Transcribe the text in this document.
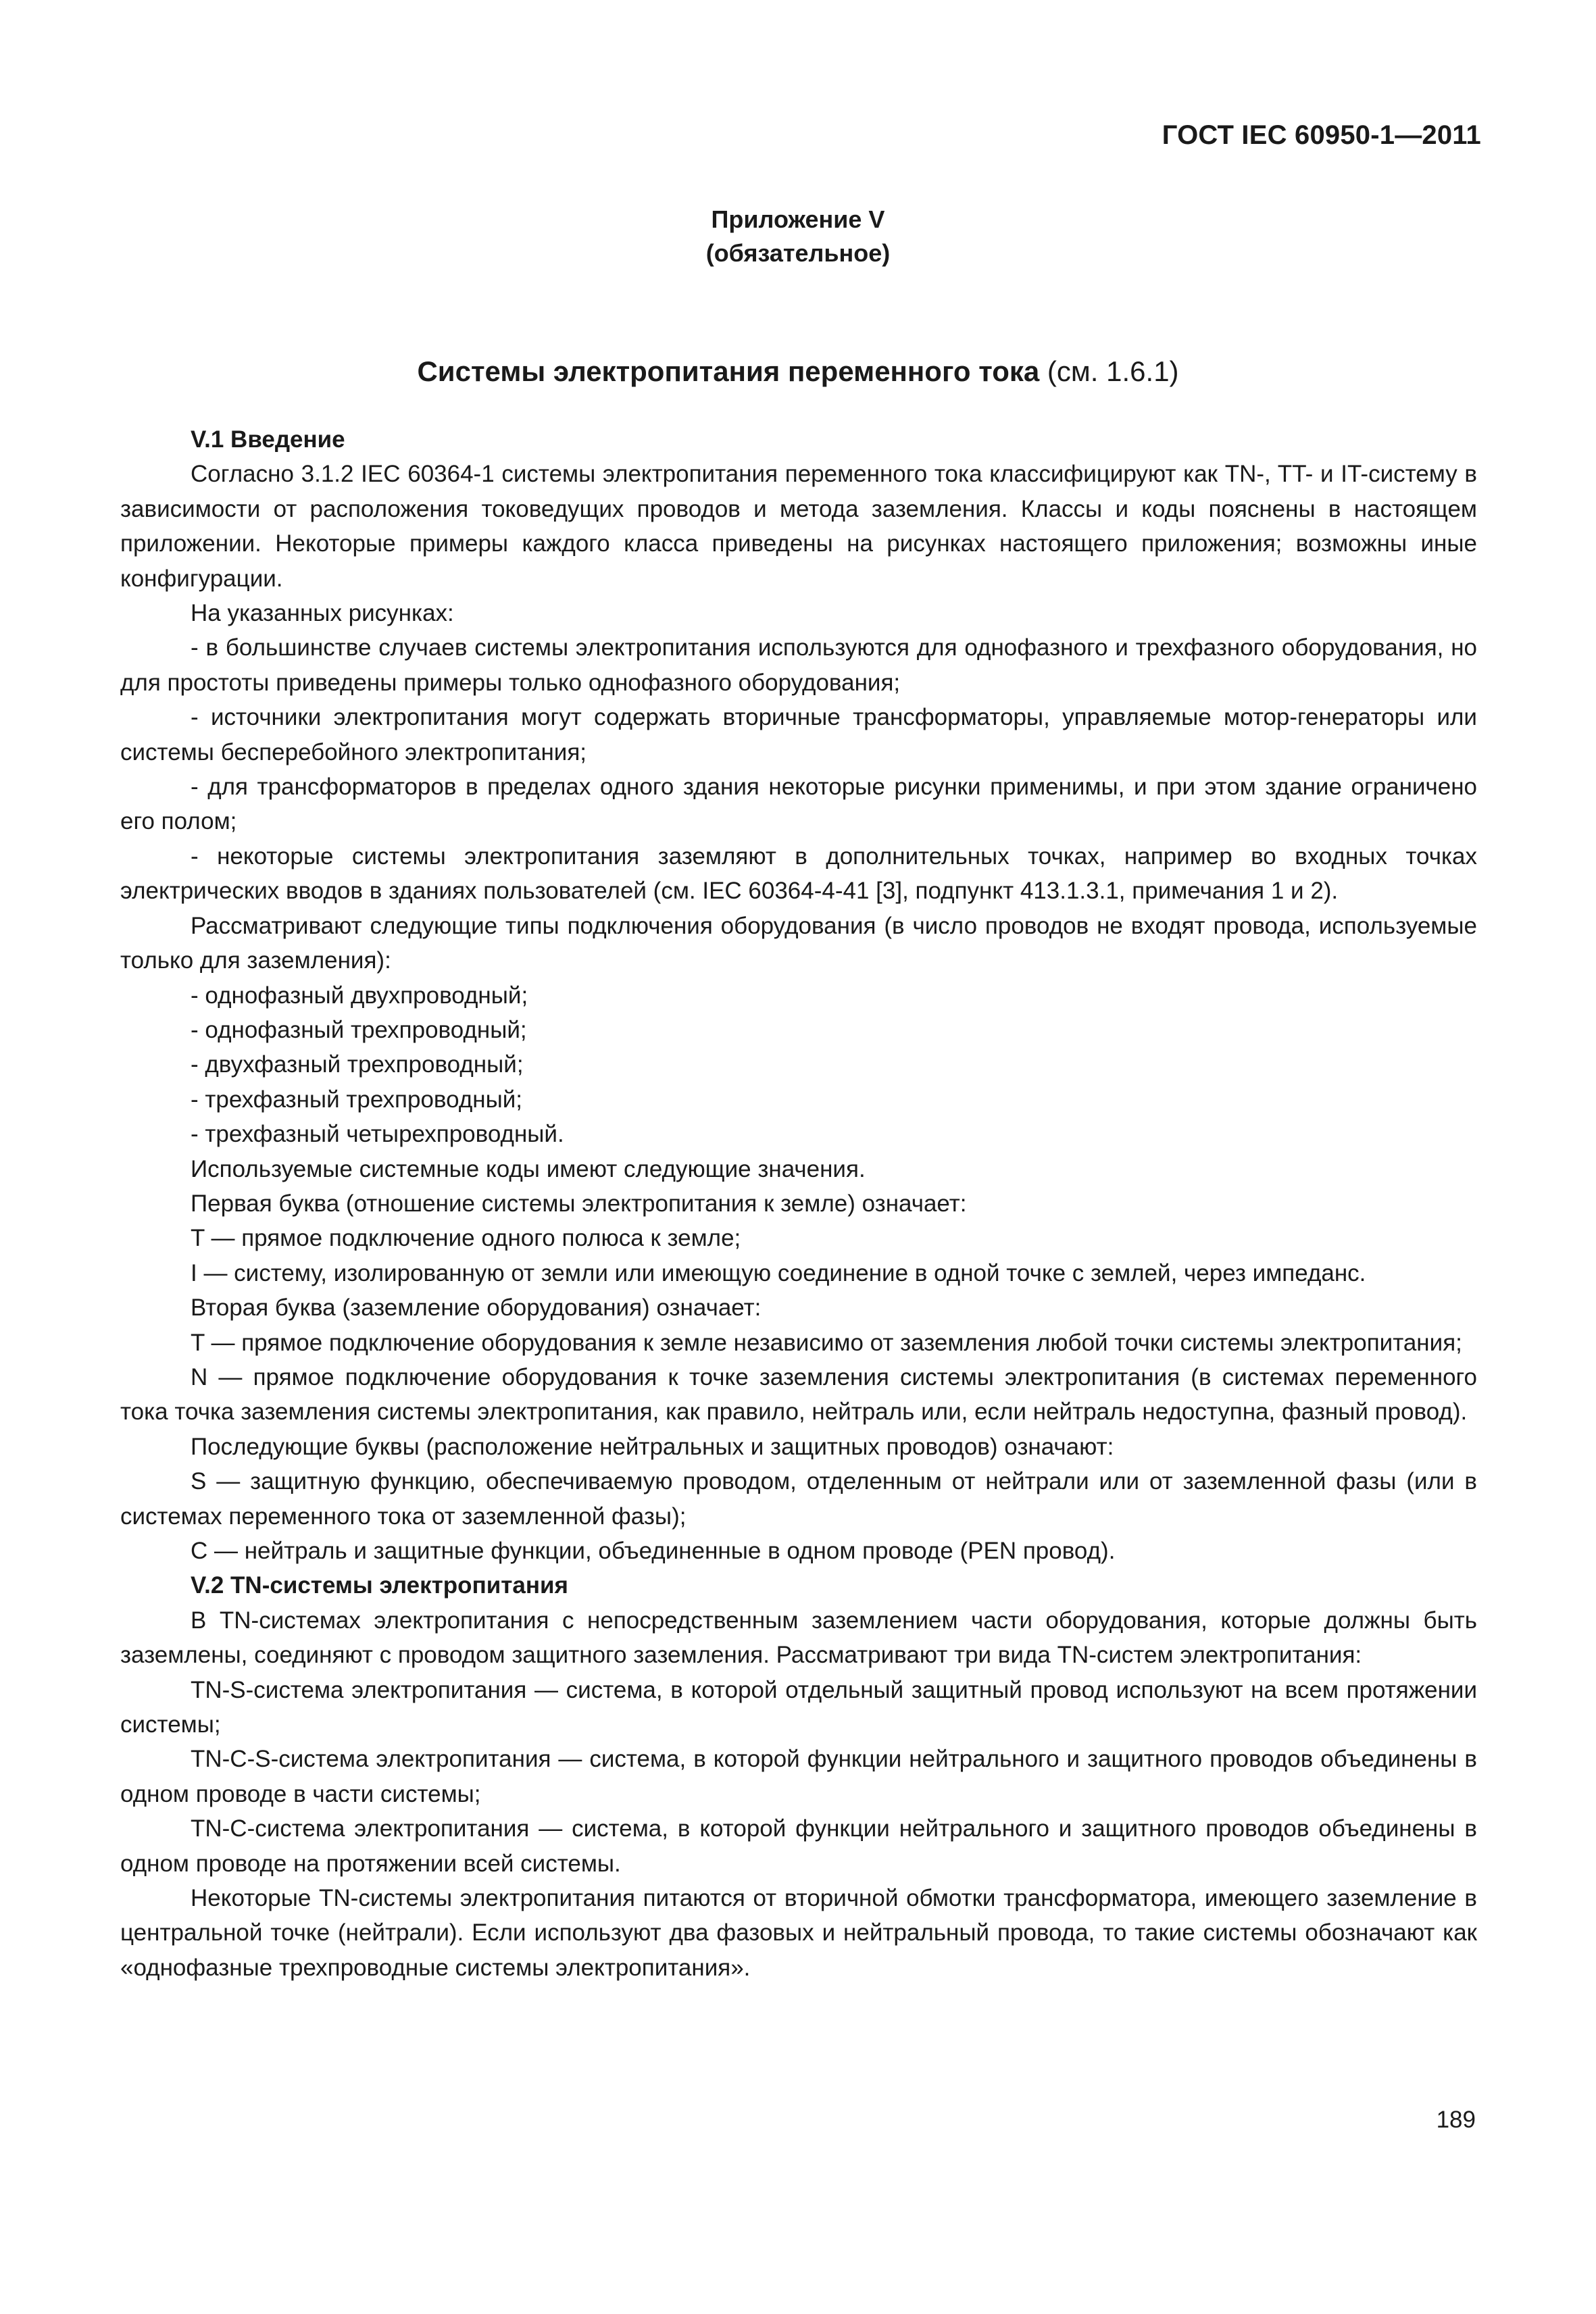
ГОСТ IEC 60950-1—2011
Приложение V
(обязательное)
Системы электропитания переменного тока (см. 1.6.1)

V.1 Введение

Согласно 3.1.2 IEC 60364-1 системы электропитания переменного тока классифицируют как TN-, TT- и IT-систему в зависимости от расположения токоведущих проводов и метода заземления. Классы и коды пояснены в настоящем приложении. Некоторые примеры каждого класса приведены на рисунках настоящего приложения; возможны иные конфигурации.

На указанных рисунках:

- в большинстве случаев системы электропитания используются для однофазного и трехфазного оборудования, но для простоты приведены примеры только однофазного оборудования;

- источники электропитания могут содержать вторичные трансформаторы, управляемые мотор-генераторы или системы бесперебойного электропитания;

- для трансформаторов в пределах одного здания некоторые рисунки применимы, и при этом здание ограничено его полом;

- некоторые системы электропитания заземляют в дополнительных точках, например во входных точках электрических вводов в зданиях пользователей (см. IEC 60364-4-41 [3], подпункт 413.1.3.1, примечания 1 и 2).

Рассматривают следующие типы подключения оборудования (в число проводов не входят провода, используемые только для заземления):

- однофазный двухпроводный;

- однофазный трехпроводный;

- двухфазный трехпроводный;

- трехфазный трехпроводный;

- трехфазный четырехпроводный.

Используемые системные коды имеют следующие значения.

Первая буква (отношение системы электропитания к земле) означает:

T — прямое подключение одного полюса к земле;

I — систему, изолированную от земли или имеющую соединение в одной точке с землей, через импеданс.

Вторая буква (заземление оборудования) означает:

T — прямое подключение оборудования к земле независимо от заземления любой точки системы электропитания;

N — прямое подключение оборудования к точке заземления системы электропитания (в системах переменного тока точка заземления системы электропитания, как правило, нейтраль или, если нейтраль недоступна, фазный провод).

Последующие буквы (расположение нейтральных и защитных проводов) означают:

S — защитную функцию, обеспечиваемую проводом, отделенным от нейтрали или от заземленной фазы (или в системах переменного тока от заземленной фазы);

C — нейтраль и защитные функции, объединенные в одном проводе (PEN провод).

V.2 TN-системы электропитания

В TN-системах электропитания с непосредственным заземлением части оборудования, которые должны быть заземлены, соединяют с проводом защитного заземления. Рассматривают три вида TN-систем электропитания:

TN-S-система электропитания — система, в которой отдельный защитный провод используют на всем протяжении системы;

TN-C-S-система электропитания — система, в которой функции нейтрального и защитного проводов объединены в одном проводе в части системы;

TN-C-система электропитания — система, в которой функции нейтрального и защитного проводов объединены в одном проводе на протяжении всей системы.

Некоторые TN-системы электропитания питаются от вторичной обмотки трансформатора, имеющего заземление в центральной точке (нейтрали). Если используют два фазовых и нейтральный провода, то такие системы обозначают как «однофазные трехпроводные системы электропитания».

189
